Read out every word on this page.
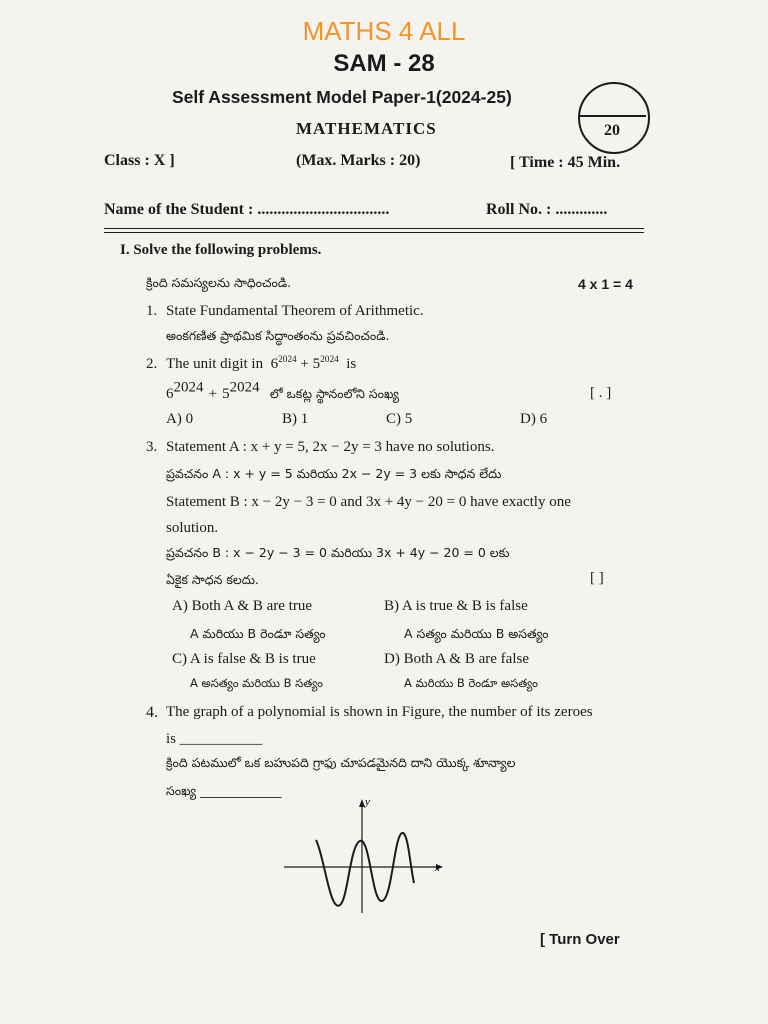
MATHS 4 ALL
SAM - 28
Self Assessment Model Paper-1(2024-25)
MATHEMATICS	20
Class : X ]	(Max. Marks : 20)	[ Time : 45 Min.
Name of the Student : .................................	Roll No. : .............
I. Solve the following problems.
క్రింది సమస్యలను సాధించండి.	4 x 1 = 4
1. State Fundamental Theorem of Arithmetic.
అంకగణిత ప్రాథమిక సిద్ధాంతంను ప్రవచించండి.
2. The unit digit in $6^{2024} + 5^{2024}$ is
$6^{2024} + 5^{2024}$ లో ఒకట్ల స్థానంలోని సంఖ్య	[ . ]
A) 0	B) 1	C) 5	D) 6
3. Statement A : x + y = 5, 2x − 2y = 3 have no solutions.
ప్రవచనం A : x + y = 5 మరియు 2x − 2y = 3 లకు సాధన లేదు
Statement B : x − 2y − 3 = 0 and 3x + 4y − 20 = 0 have exactly one
solution.
ప్రవచనం B : x − 2y − 3 = 0 మరియు 3x + 4y − 20 = 0 లకు
ఏకైక సాధన కలదు.	[ ]
A) Both A & B are true	B) A is true & B is false
A మరియు B రెండూ సత్యం	A సత్యం మరియు B అసత్యం
C) A is false & B is true	D) Both A & B are false
A అసత్యం మరియు B సత్యం	A మరియు B రెండూ అసత్యం
4. The graph of a polynomial is shown in Figure, the number of its zeroes
is ___________
క్రింది పటములో ఒక బహుపది గ్రాఫు చూపడమైనది దాని యొక్క శూన్యాల
సంఖ్య _____________
x
y
[ Turn Over
